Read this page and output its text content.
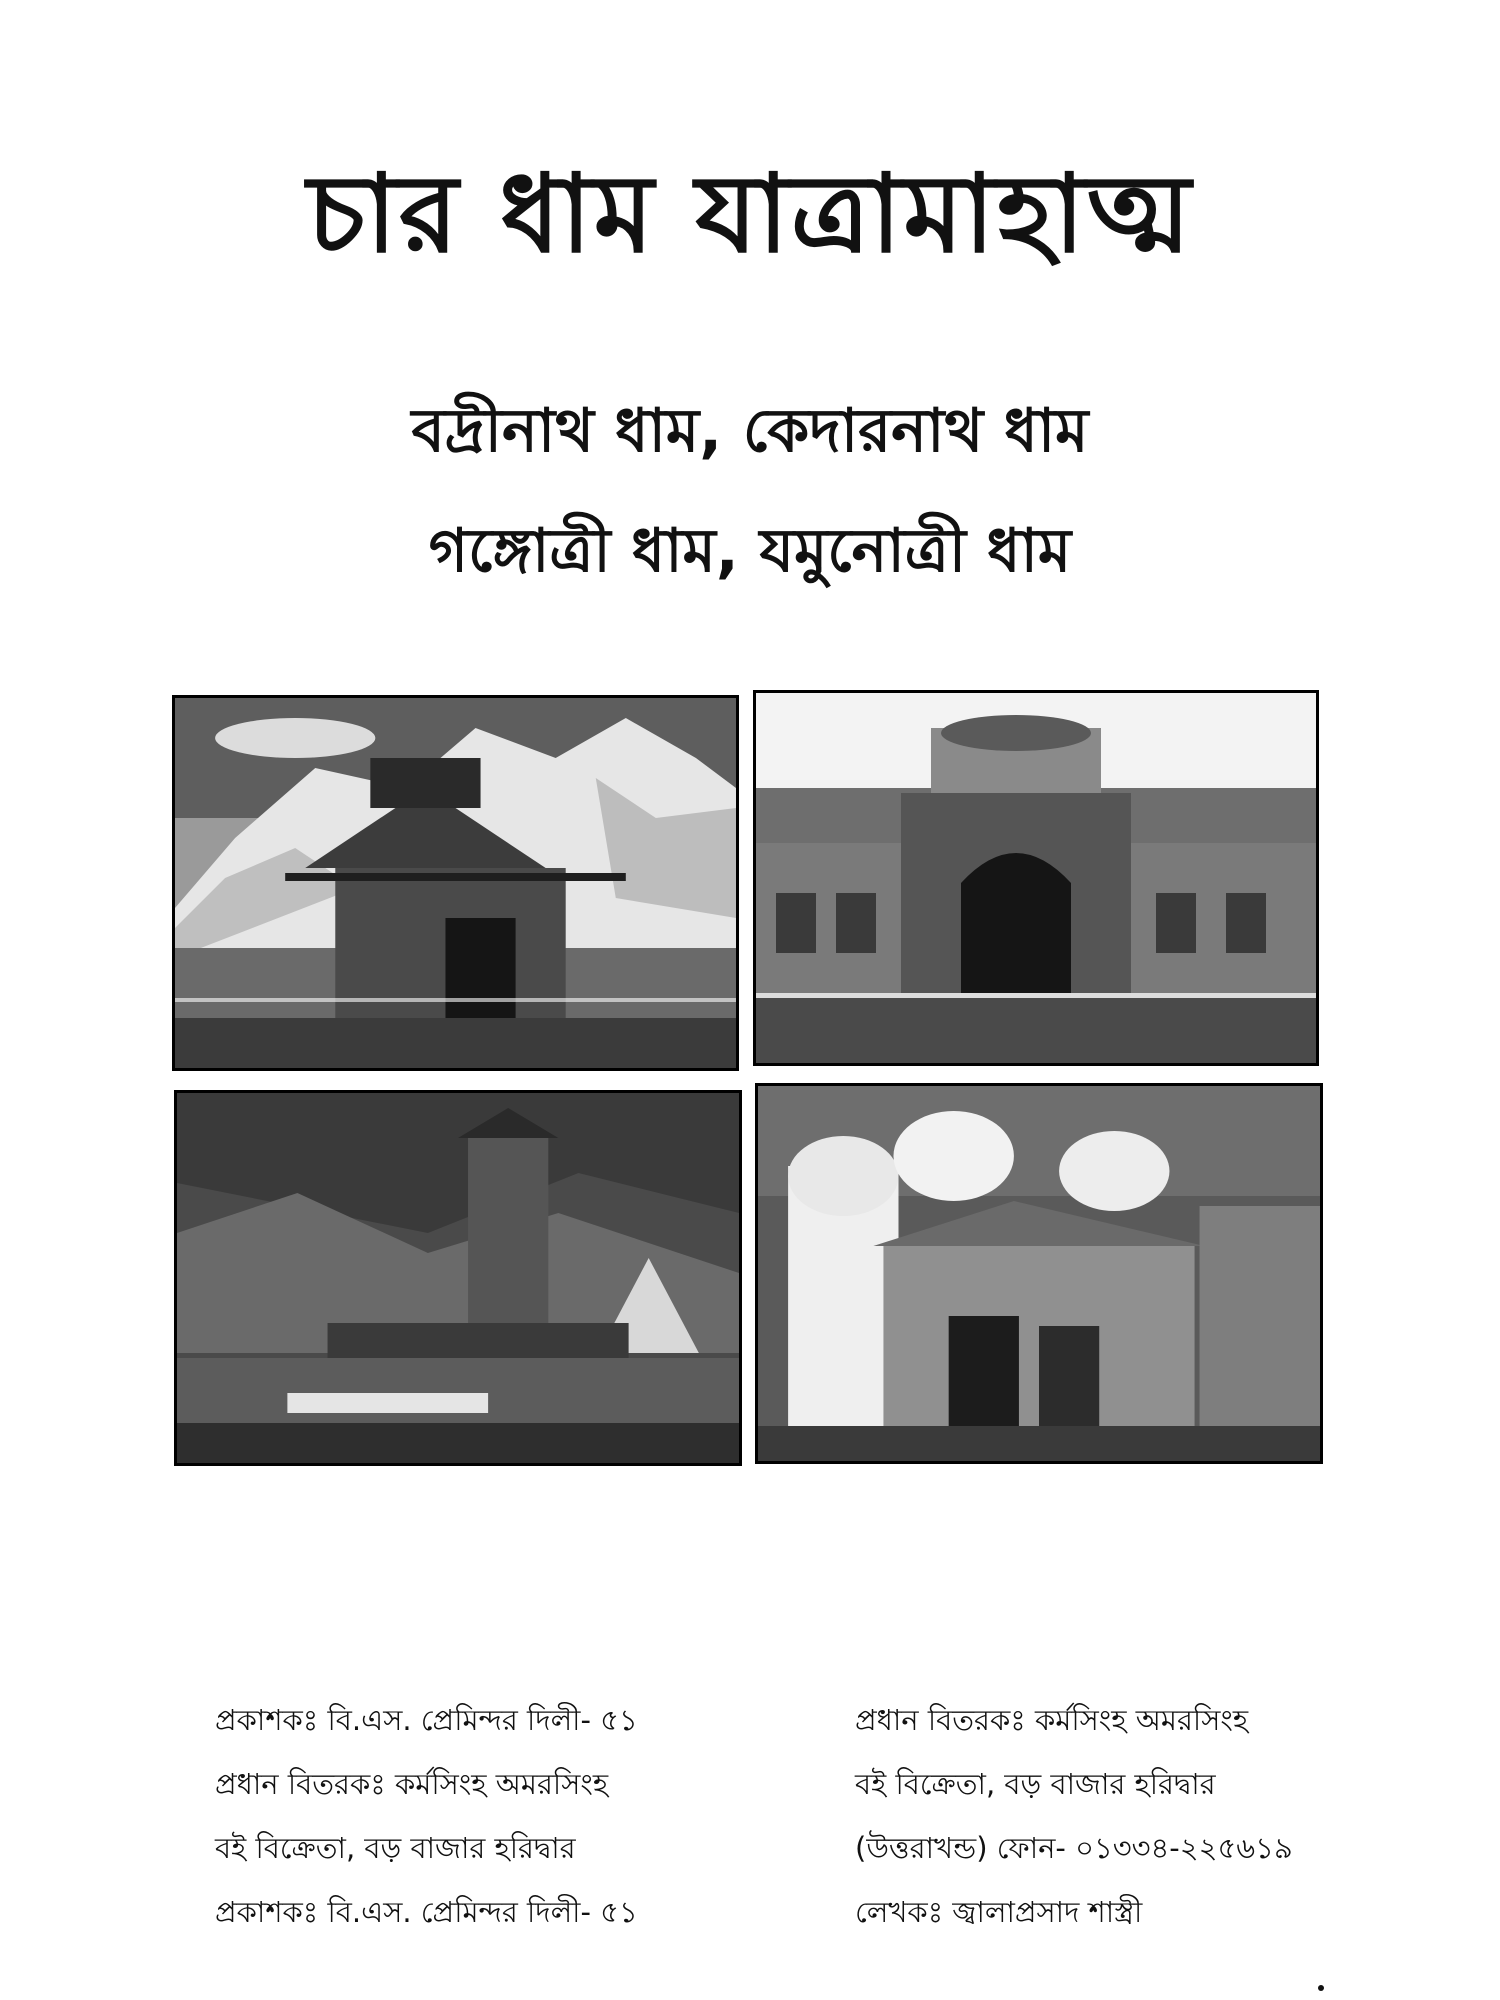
চার ধাম যাত্রামাহাত্ম
বদ্রীনাথ ধাম, কেদারনাথ ধাম
গঙ্গোত্রী ধাম, যমুনোত্রী ধাম
প্রকাশকঃ বি.এস. প্রেমিন্দর দিলী- ৫১
প্রধান বিতরকঃ কর্মসিংহ অমরসিংহ
বই বিক্রেতা, বড় বাজার হরিদ্বার
প্রকাশকঃ বি.এস. প্রেমিন্দর দিলী- ৫১
প্রধান বিতরকঃ কর্মসিংহ অমরসিংহ
বই বিক্রেতা, বড় বাজার হরিদ্বার
(উত্তরাখন্ড) ফোন- ০১৩৩৪-২২৫৬১৯
লেখকঃ জ্বালাপ্রসাদ শাস্ত্রী
